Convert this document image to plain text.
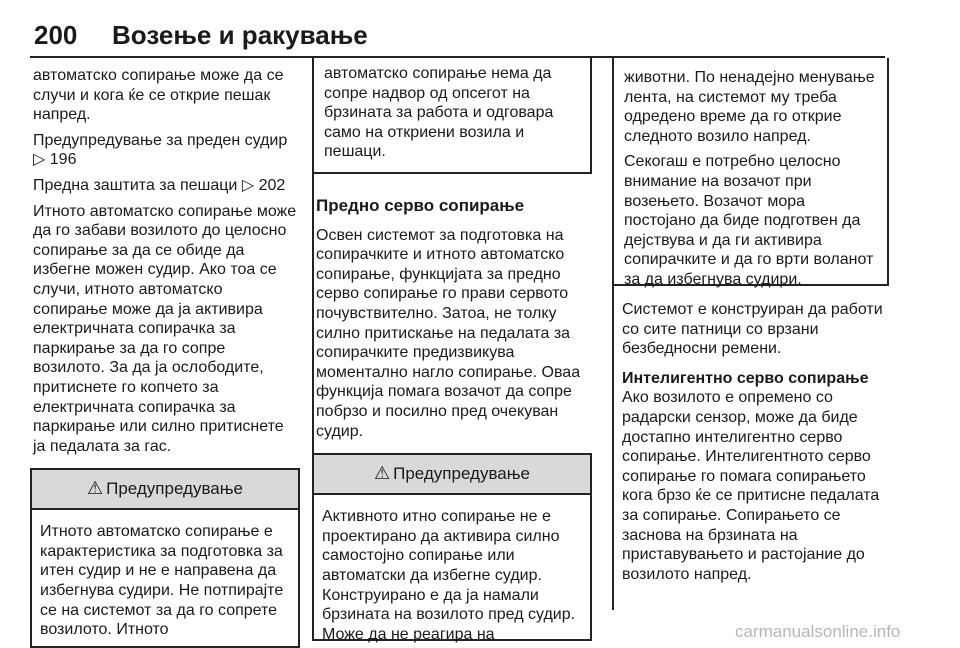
200 Возење и ракување

автоматско сопирање може да се случи и кога ќе се открие пешак напред.

Предупредување за преден судир
▷ 196

Предна заштита за пешаци ▷ 202

Итното автоматско сопирање може да го забави возилото до целосно сопирање за да се обиде да избегне можен судир. Ако тоа се случи, итното автоматско сопирање може да ја активира електричната сопирачка за паркирање за да го сопре возилото. За да ја ослободите, притиснете го копчето за електричната сопирачка за паркирање или силно притиснете ја педалата за гас.

⚠ Предупредување
Итното автоматско сопирање е карактеристика за подготовка за итен судир и не е направена да избегнува судири. Не потпирајте се на системот за да го сопрете возилото. Итното
автоматско сопирање нема да сопре надвор од опсегот на брзината за работа и одговара само на откриени возила и пешаци.
Предно серво сопирање

Освен системот за подготовка на сопирачките и итното автоматско сопирање, функцијата за предно серво сопирање го прави сервото почувствително. Затоа, не толку силно притискање на педалата за сопирачките предизвикува моментално нагло сопирање. Оваа функција помага возачот да сопре побрзо и посилно пред очекуван судир.

⚠ Предупредување
Активното итно сопирање не е проектирано да активира силно самостојно сопирање или автоматски да избегне судир. Конструирано е да ја намали брзината на возилото пред судир. Може да не реагира на

животни. По ненадејно менување лента, на системот му треба одредено време да го открие следното возило напред.

Секогаш е потребно целосно внимание на возачот при возењето. Возачот мора постојано да биде подготвен да дејствува и да ги активира сопирачките и да го врти воланот за да избегнува судири.

Системот е конструиран да работи со сите патници со врзани безбедносни ремени.

Интелигентно серво сопирање

Ако возилото е опремено со радарски сензор, може да биде достапно интелигентно серво сопирање. Интелигентното серво сопирање го помага сопирањето кога брзо ќе се притисне педалата за сопирање. Сопирањето се заснова на брзината на приставувањето и растојание до возилото напред.

carmanualsonline.info
